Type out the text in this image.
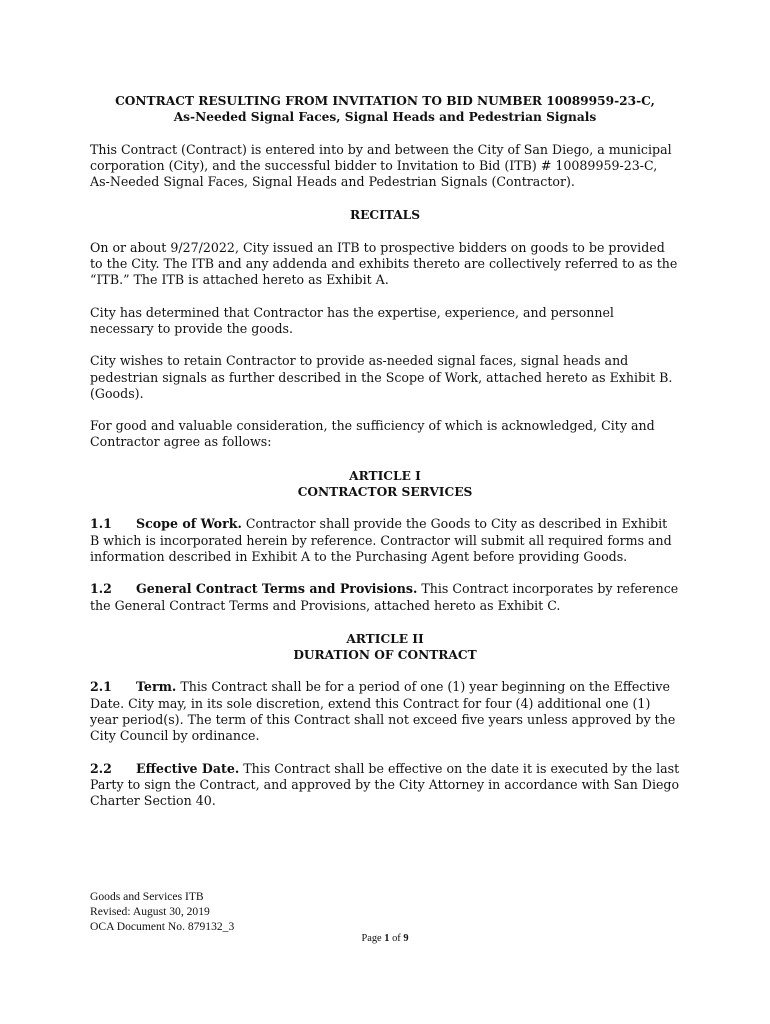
CONTRACT RESULTING FROM INVITATION TO BID NUMBER 10089959-23-C,

As-Needed Signal Faces, Signal Heads and Pedestrian Signals

This Contract (Contract) is entered into by and between the City of San Diego, a municipal corporation (City), and the successful bidder to Invitation to Bid (ITB) # 10089959-23-C, As-Needed Signal Faces, Signal Heads and Pedestrian Signals (Contractor).

RECITALS

On or about 9/27/2022, City issued an ITB to prospective bidders on goods to be provided to the City. The ITB and any addenda and exhibits thereto are collectively referred to as the “ITB.” The ITB is attached hereto as Exhibit A.

City has determined that Contractor has the expertise, experience, and personnel necessary to provide the goods.

City wishes to retain Contractor to provide as-needed signal faces, signal heads and pedestrian signals as further described in the Scope of Work, attached hereto as Exhibit B. (Goods).

For good and valuable consideration, the sufficiency of which is acknowledged, City and Contractor agree as follows:

ARTICLE I

CONTRACTOR SERVICES

1.1 Scope of Work. Contractor shall provide the Goods to City as described in Exhibit B which is incorporated herein by reference. Contractor will submit all required forms and information described in Exhibit A to the Purchasing Agent before providing Goods.

1.2 General Contract Terms and Provisions. This Contract incorporates by reference the General Contract Terms and Provisions, attached hereto as Exhibit C.

ARTICLE II

DURATION OF CONTRACT

2.1 Term. This Contract shall be for a period of one (1) year beginning on the Effective Date. City may, in its sole discretion, extend this Contract for four (4) additional one (1) year period(s). The term of this Contract shall not exceed five years unless approved by the City Council by ordinance.

2.2 Effective Date. This Contract shall be effective on the date it is executed by the last Party to sign the Contract, and approved by the City Attorney in accordance with San Diego Charter Section 40.

Goods and Services ITB
Revised: August 30, 2019
OCA Document No. 879132_3
Page 1 of 9
